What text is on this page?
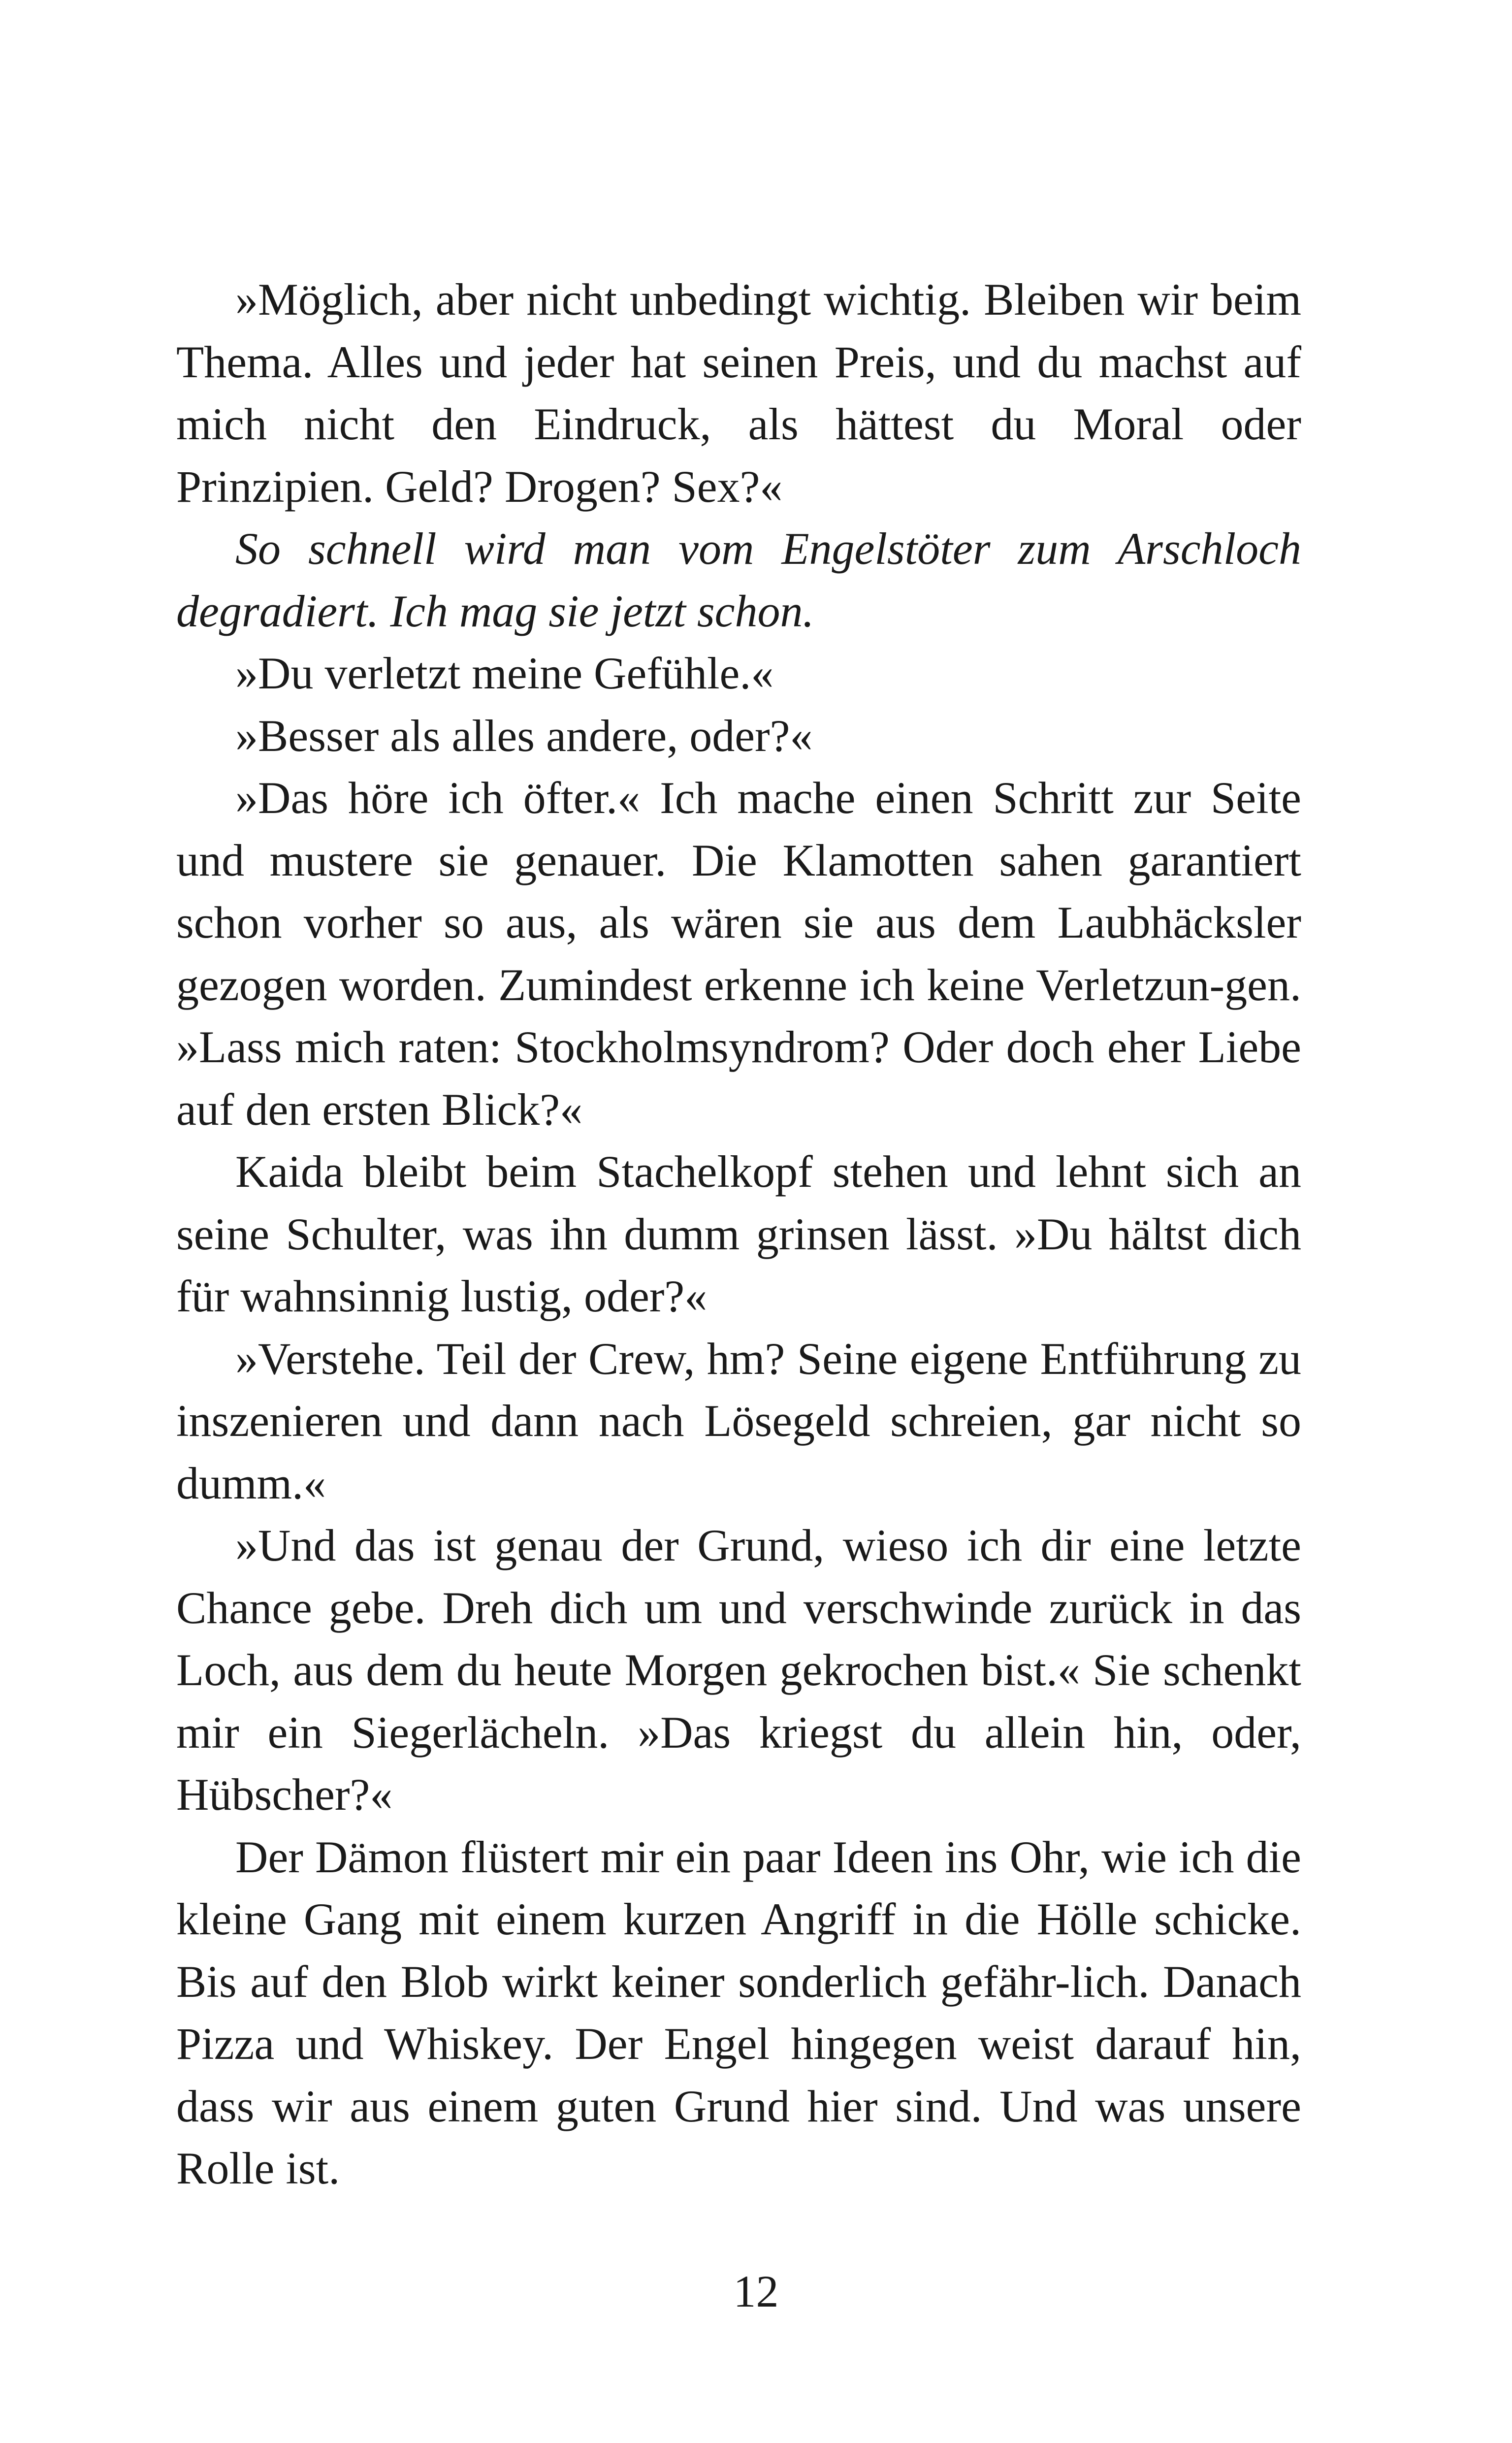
»Möglich, aber nicht unbedingt wichtig. Bleiben wir beim Thema. Alles und jeder hat seinen Preis, und du machst auf mich nicht den Eindruck, als hättest du Moral oder Prinzipien. Geld? Drogen? Sex?«

So schnell wird man vom Engelstöter zum Arschloch degradiert. Ich mag sie jetzt schon.

»Du verletzt meine Gefühle.«

»Besser als alles andere, oder?«

»Das höre ich öfter.« Ich mache einen Schritt zur Seite und mustere sie genauer. Die Klamotten sahen garantiert schon vorher so aus, als wären sie aus dem Laubhäcksler gezogen worden. Zumindest erkenne ich keine Verletzun-gen. »Lass mich raten: Stockholmsyndrom? Oder doch eher Liebe auf den ersten Blick?«

Kaida bleibt beim Stachelkopf stehen und lehnt sich an seine Schulter, was ihn dumm grinsen lässt. »Du hältst dich für wahnsinnig lustig, oder?«

»Verstehe. Teil der Crew, hm? Seine eigene Entführung zu inszenieren und dann nach Lösegeld schreien, gar nicht so dumm.«

»Und das ist genau der Grund, wieso ich dir eine letzte Chance gebe. Dreh dich um und verschwinde zurück in das Loch, aus dem du heute Morgen gekrochen bist.« Sie schenkt mir ein Siegerlächeln. »Das kriegst du allein hin, oder, Hübscher?«

Der Dämon flüstert mir ein paar Ideen ins Ohr, wie ich die kleine Gang mit einem kurzen Angriff in die Hölle schicke. Bis auf den Blob wirkt keiner sonderlich gefähr-lich. Danach Pizza und Whiskey. Der Engel hingegen weist darauf hin, dass wir aus einem guten Grund hier sind. Und was unsere Rolle ist.

12
